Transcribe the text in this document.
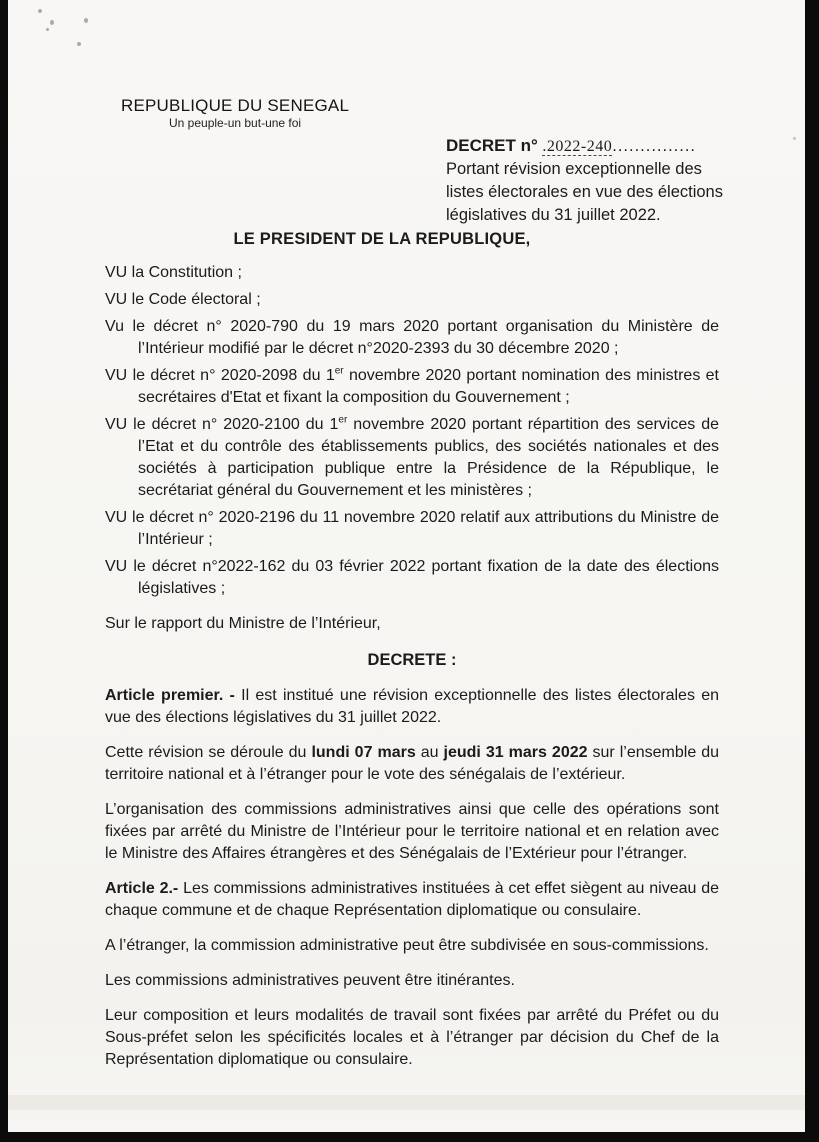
REPUBLIQUE DU SENEGAL
Un peuple-un but-une foi
DECRET n° .2022-240...............
Portant révision exceptionnelle des listes électorales en vue des élections législatives du 31 juillet 2022.
LE PRESIDENT DE LA REPUBLIQUE,

VU la Constitution ;

VU le Code électoral ;

Vu le décret n° 2020-790 du 19 mars 2020 portant organisation du Ministère de l’Intérieur modifié par le décret n°2020-2393 du 30 décembre 2020 ;

VU le décret n° 2020-2098 du 1er novembre 2020 portant nomination des ministres et secrétaires d'Etat et fixant la composition du Gouvernement ;

VU le décret n° 2020-2100 du 1er novembre 2020 portant répartition des services de l’Etat et du contrôle des établissements publics, des sociétés nationales et des sociétés à participation publique entre la Présidence de la République, le secrétariat général du Gouvernement et les ministères ;

VU le décret n° 2020-2196 du 11 novembre 2020 relatif aux attributions du Ministre de l’Intérieur ;

VU le décret n°2022-162 du 03 février 2022 portant fixation de la date des élections législatives ;

Sur le rapport du Ministre de l’Intérieur,

DECRETE :

Article premier. - Il est institué une révision exceptionnelle des listes électorales en vue des élections législatives du 31 juillet 2022.

Cette révision se déroule du lundi 07 mars au jeudi 31 mars 2022 sur l’ensemble du territoire national et à l’étranger pour le vote des sénégalais de l’extérieur.

L’organisation des commissions administratives ainsi que celle des opérations sont fixées par arrêté du Ministre de l’Intérieur pour le territoire national et en relation avec le Ministre des Affaires étrangères et des Sénégalais de l’Extérieur pour l’étranger.

Article 2.- Les commissions administratives instituées à cet effet siègent au niveau de chaque commune et de chaque Représentation diplomatique ou consulaire.

A l’étranger, la commission administrative peut être subdivisée en sous-commissions.

Les commissions administratives peuvent être itinérantes.

Leur composition et leurs modalités de travail sont fixées par arrêté du Préfet ou du Sous-préfet selon les spécificités locales et à l’étranger par décision du Chef de la Représentation diplomatique ou consulaire.
